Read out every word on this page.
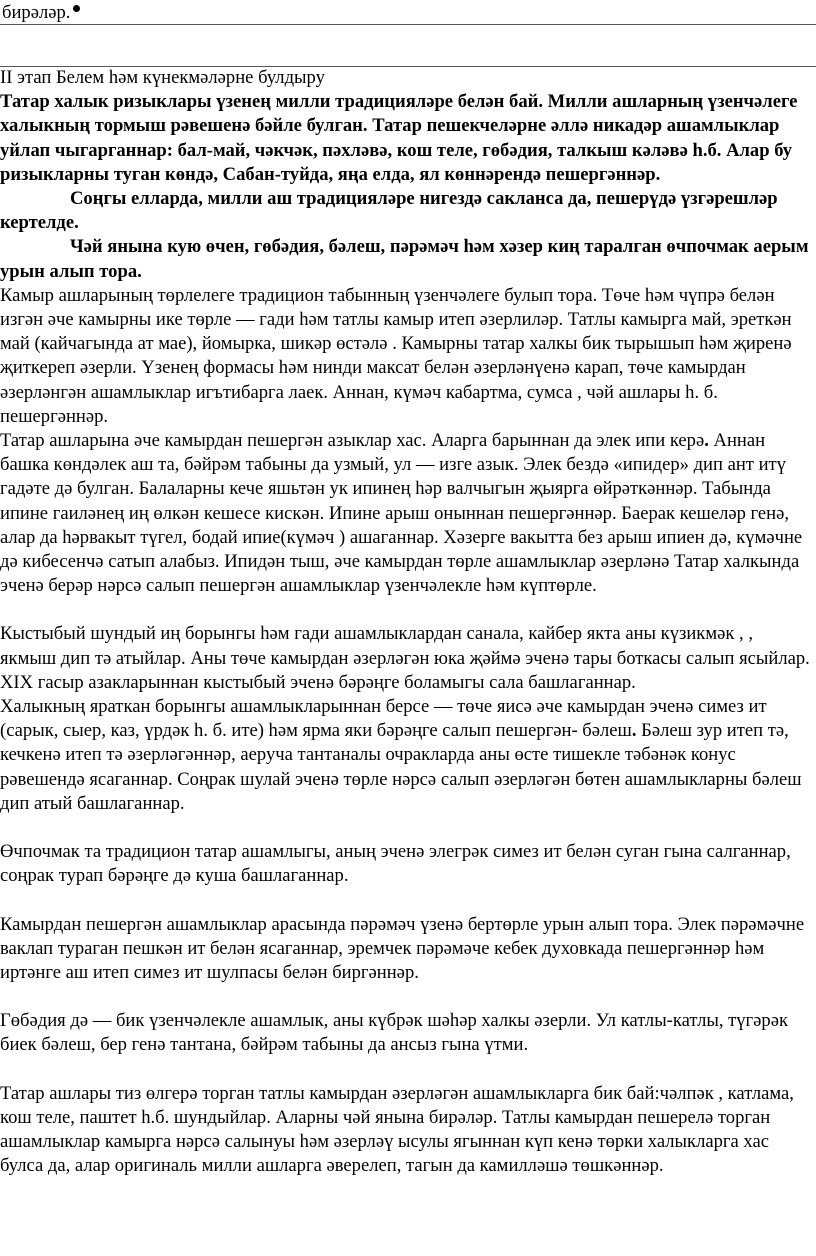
бирәләр.

II этап Белем һәм күнекмәләрне булдыру

Татар халык ризыклары үзенең милли традицияләре белән бай. Милли ашларның үзенчәлеге халыкның тормыш рәвешенә бәйле булган. Татар пешекчеләрне әллә никадәр ашамлыклар уйлап чыгарганнар: бал-май, чәкчәк, пәхләвә, кош теле, гөбәдия, талкыш кәләвә һ.б. Алар бу ризыкларны туган көндә, Сабан-туйда, яңа елда, ял көннәрендә пешергәннәр.

Соңгы елларда, милли аш традицияләре нигездә сакланса да, пешерүдә үзгәрешләр кертелде.

Чәй янына кую өчен, гөбәдия, бәлеш, пәрәмәч һәм хәзер киң таралган өчпочмак аерым урын алып тора.

Камыр ашларының төрлелеге традицион табынның үзенчәлеге булып тора. Төче һәм чүпрә белән изгән әче камырны ике төрле — гади һәм татлы камыр итеп әзерлиләр. Татлы камырга май, эреткән май (кайчагында ат мае), йомырка, шикәр өстәлә . Камырны татар халкы бик тырышып һәм җиренә җиткереп әзерли. Үзенең формасы һәм нинди максат белән әзерләнүенә карап, төче камырдан әзерләнгән ашамлыклар игътибарга лаек. Аннан, күмәч кабартма, сумса , чәй ашлары һ. б. пешергәннәр.

Татар ашларына әче камырдан пешергән азыклар хас. Аларга барыннан да элек ипи керә. Аннан башка көндәлек аш та, бәйрәм табыны да узмый, ул — изге азык. Элек бездә «ипидер» дип ант итү гадәте дә булган. Балаларны кече яшьтән ук ипинең һәр валчыгын җыярга өйрәткәннәр. Табында ипине гаиләнең иң өлкән кешесе кискән. Ипине арыш оныннан пешергәннәр. Баерак кешеләр генә, алар да һәрвакыт түгел, бодай ипие(күмәч ) ашаганнар. Хәзерге вакытта без арыш ипиен дә, күмәчне дә кибесенчә сатып алабыз. Ипидән тыш, әче камырдан төрле ашамлыклар әзерләнә Татар халкында эченә берәр нәрсә салып пешергән ашамлыклар үзенчәлекле һәм күптөрле.

Кыстыбый шундый иң борынгы һәм гади ашамлыклардан санала, кайбер якта аны күзикмәк , , якмыш дип тә атыйлар. Аны төче камырдан әзерләгән юка җәймә эченә тары боткасы салып ясыйлар. XIX гасыр азакларыннан кыстыбый эченә бәрәңге боламыгы сала башлаганнар.

Халыкның яраткан борынгы ашамлыкларыннан берсе — төче яисә әче камырдан эченә симез ит (сарык, сыер, каз, үрдәк һ. б. ите) һәм ярма яки бәрәңге салып пешергән- бәлеш. Бәлеш зур итеп тә, кечкенә итеп тә әзерләгәннәр, аеруча тантаналы очракларда аны өсте тишекле тәбәнәк конус рәвешендә ясаганнар. Соңрак шулай эченә төрле нәрсә салып әзерләгән бөтен ашамлыкларны бәлеш дип атый башлаганнар.

Өчпочмак та традицион татар ашамлыгы, аның эченә элегрәк симез ит белән суган гына салганнар, соңрак турап бәрәңге дә куша башлаганнар.

Камырдан пешергән ашамлыклар арасында пәрәмәч үзенә бертөрле урын алып тора. Элек пәрәмәчне ваклап тураган пешкән ит белән ясаганнар, эремчек пәрәмәче кебек духовкада пешергәннәр һәм иртәнге аш итеп симез ит шулпасы белән биргәннәр.

Гөбәдия дә — бик үзенчәлекле ашамлык, аны күбрәк шәһәр халкы әзерли. Ул катлы-катлы, түгәрәк биек бәлеш, бер генә тантана, бәйрәм табыны да ансыз гына үтми.

Татар ашлары тиз өлгерә торган татлы камырдан әзерләгән ашамлыкларга бик бай:чәлпәк , катлама, кош теле, паштет һ.б. шундыйлар. Аларны чәй янына бирәләр. Татлы камырдан пешерелә торган ашамлыклар камырга нәрсә салынуы һәм әзерләү ысулы ягыннан күп кенә төрки халыкларга хас булса да, алар оригиналь милли ашларга әверелеп, тагын да камилләшә төшкәннәр.
